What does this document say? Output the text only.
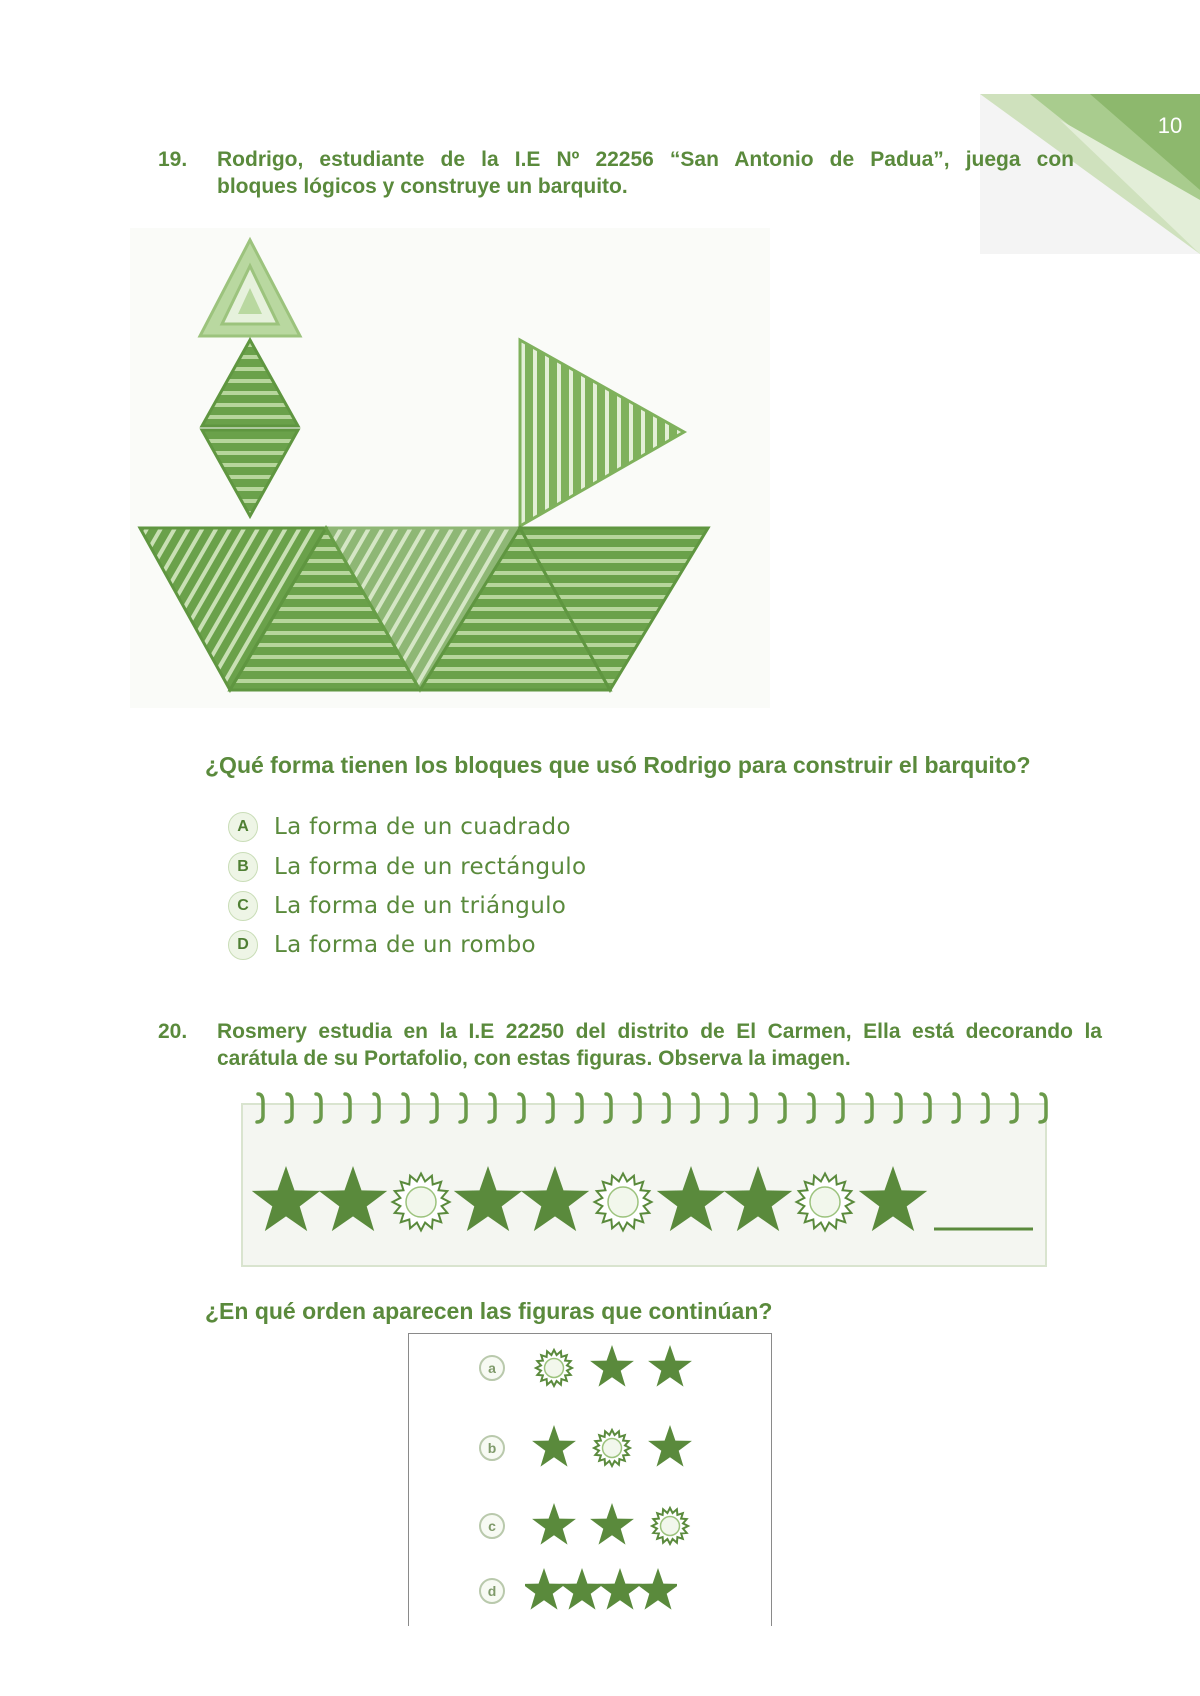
10
19. Rodrigo, estudiante de la I.E Nº 22256 “San Antonio de Padua”, juega con
bloques lógicos y construye un barquito.
¿Qué forma tienen los bloques que usó Rodrigo para construir el barquito?
A	La forma de un cuadrado
B	La forma de un rectángulo
C	La forma de un triángulo
D	La forma de un rombo
20. Rosmery estudia en la I.E 22250 del distrito de El Carmen, Ella está decorando la
carátula de su Portafolio, con estas figuras. Observa la imagen.
¿En qué orden aparecen las figuras que continúan?
a
b
c
d
